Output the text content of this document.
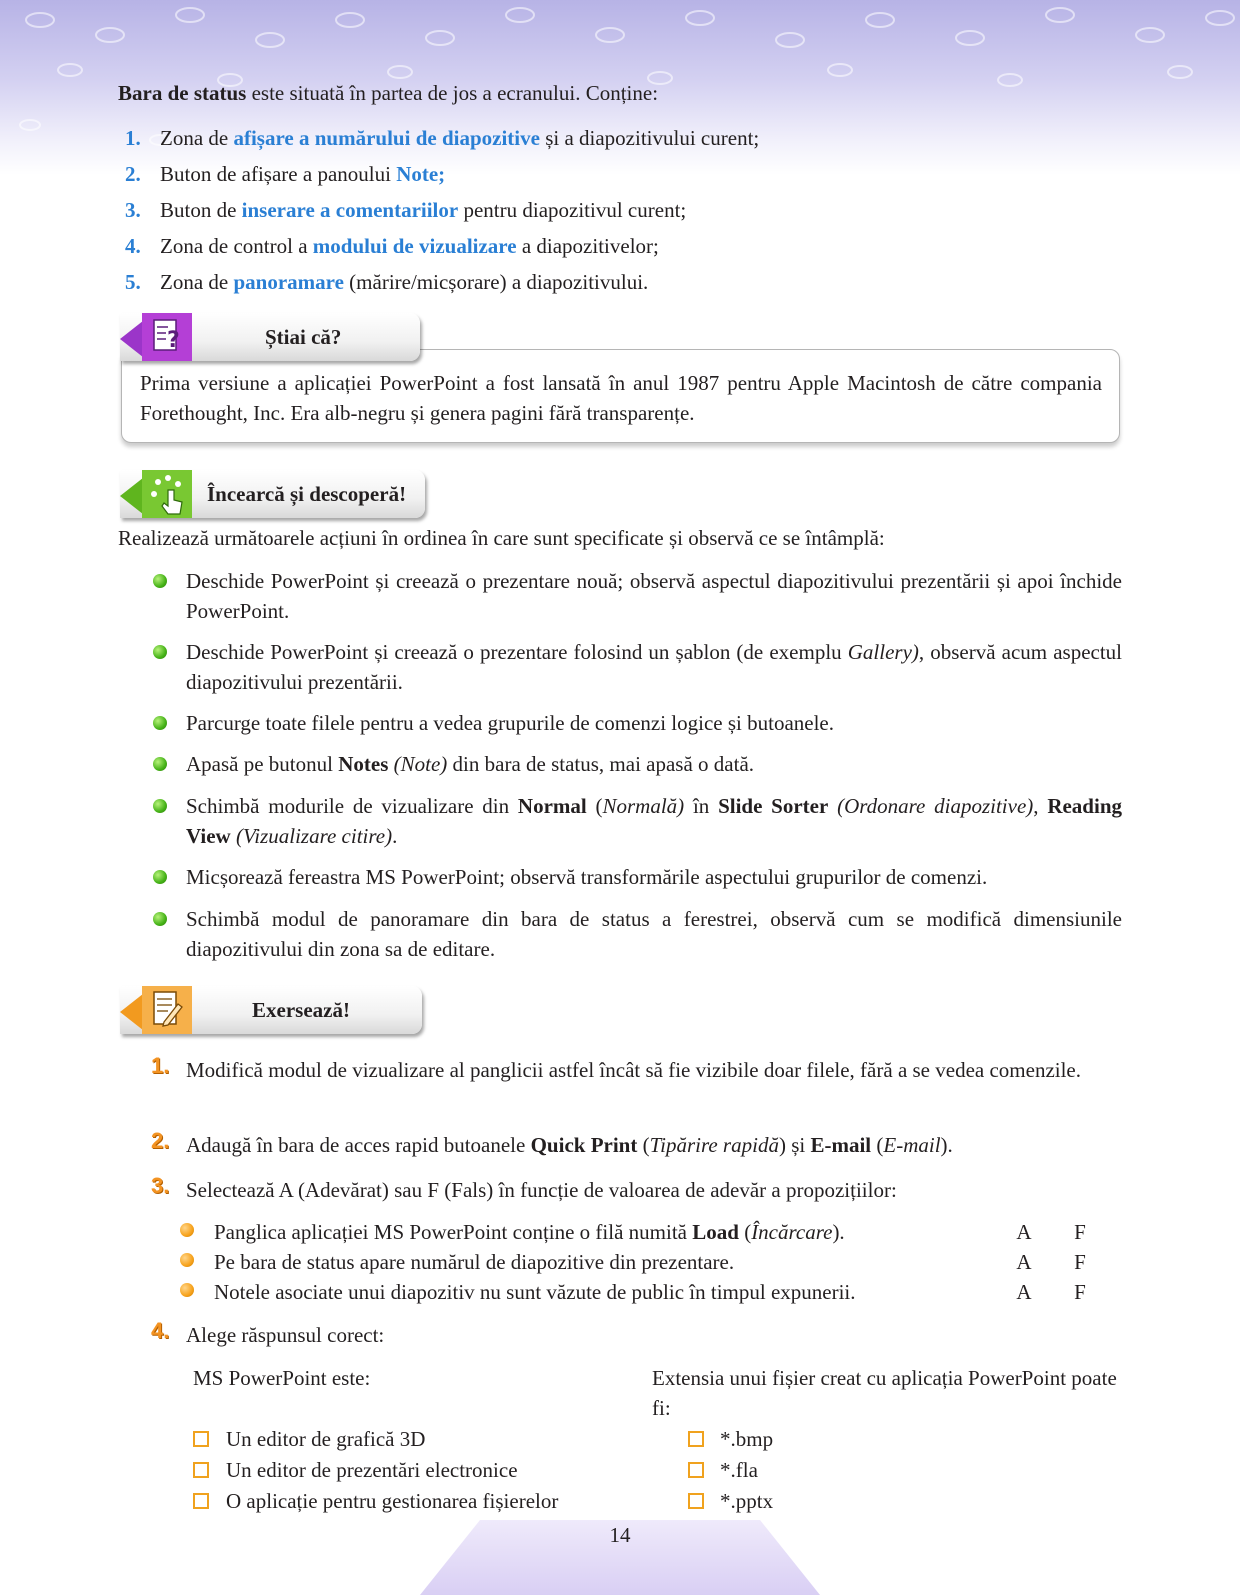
Bara de status este situată în partea de jos a ecranului. Conține:
1. Zona de afișare a numărului de diapozitive și a diapozitivului curent;
2. Buton de afișare a panoului Note;
3. Buton de inserare a comentariilor pentru diapozitivul curent;
4. Zona de control a modului de vizualizare a diapozitivelor;
5. Zona de panoramare (mărire/micșorare) a diapozitivului.
Prima versiune a aplicației PowerPoint a fost lansată în anul 1987 pentru Apple Macintosh de către compania Forethought, Inc. Era alb-negru și genera pagini fără transparențe.
?	Știai că?
Încearcă și descoperă!
Realizează următoarele acțiuni în ordinea în care sunt specificate și observă ce se întâmplă:
Deschide PowerPoint și creează o prezentare nouă; observă aspectul diapozitivului prezentării și apoi închide PowerPoint.
Deschide PowerPoint și creează o prezentare folosind un șablon (de exemplu Gallery), observă acum aspectul diapozitivului prezentării.
Parcurge toate filele pentru a vedea grupurile de comenzi logice și butoanele.
Apasă pe butonul Notes (Note) din bara de status, mai apasă o dată.
Schimbă modurile de vizualizare din Normal (Normală) în Slide Sorter (Ordonare diapozitive), Reading View (Vizualizare citire).
Micșorează fereastra MS PowerPoint; observă transformările aspectului grupurilor de comenzi.
Schimbă modul de panoramare din bara de status a ferestrei, observă cum se modifică dimensiunile diapozitivului din zona sa de editare.
Exersează!
1. Modifică modul de vizualizare al panglicii astfel încât să fie vizibile doar filele, fără a se vedea comenzile.
2. Adaugă în bara de acces rapid butoanele Quick Print (Tipărire rapidă) și E-mail (E-mail).
3. Selectează A (Adevărat) sau F (Fals) în funcție de valoarea de adevăr a propozițiilor:
Panglica aplicației MS PowerPoint conține o filă numită Load (Încărcare).	A F
Pe bara de status apare numărul de diapozitive din prezentare.	A F
Notele asociate unui diapozitiv nu sunt văzute de public în timpul expunerii.	A F
4. Alege răspunsul corect:
MS PowerPoint este:	Extensia unui fișier creat cu aplicația PowerPoint poate fi:
Un editor de grafică 3D
Un editor de prezentări electronice
O aplicație pentru gestionarea fișierelor
*.bmp
*.fla
*.pptx
14
